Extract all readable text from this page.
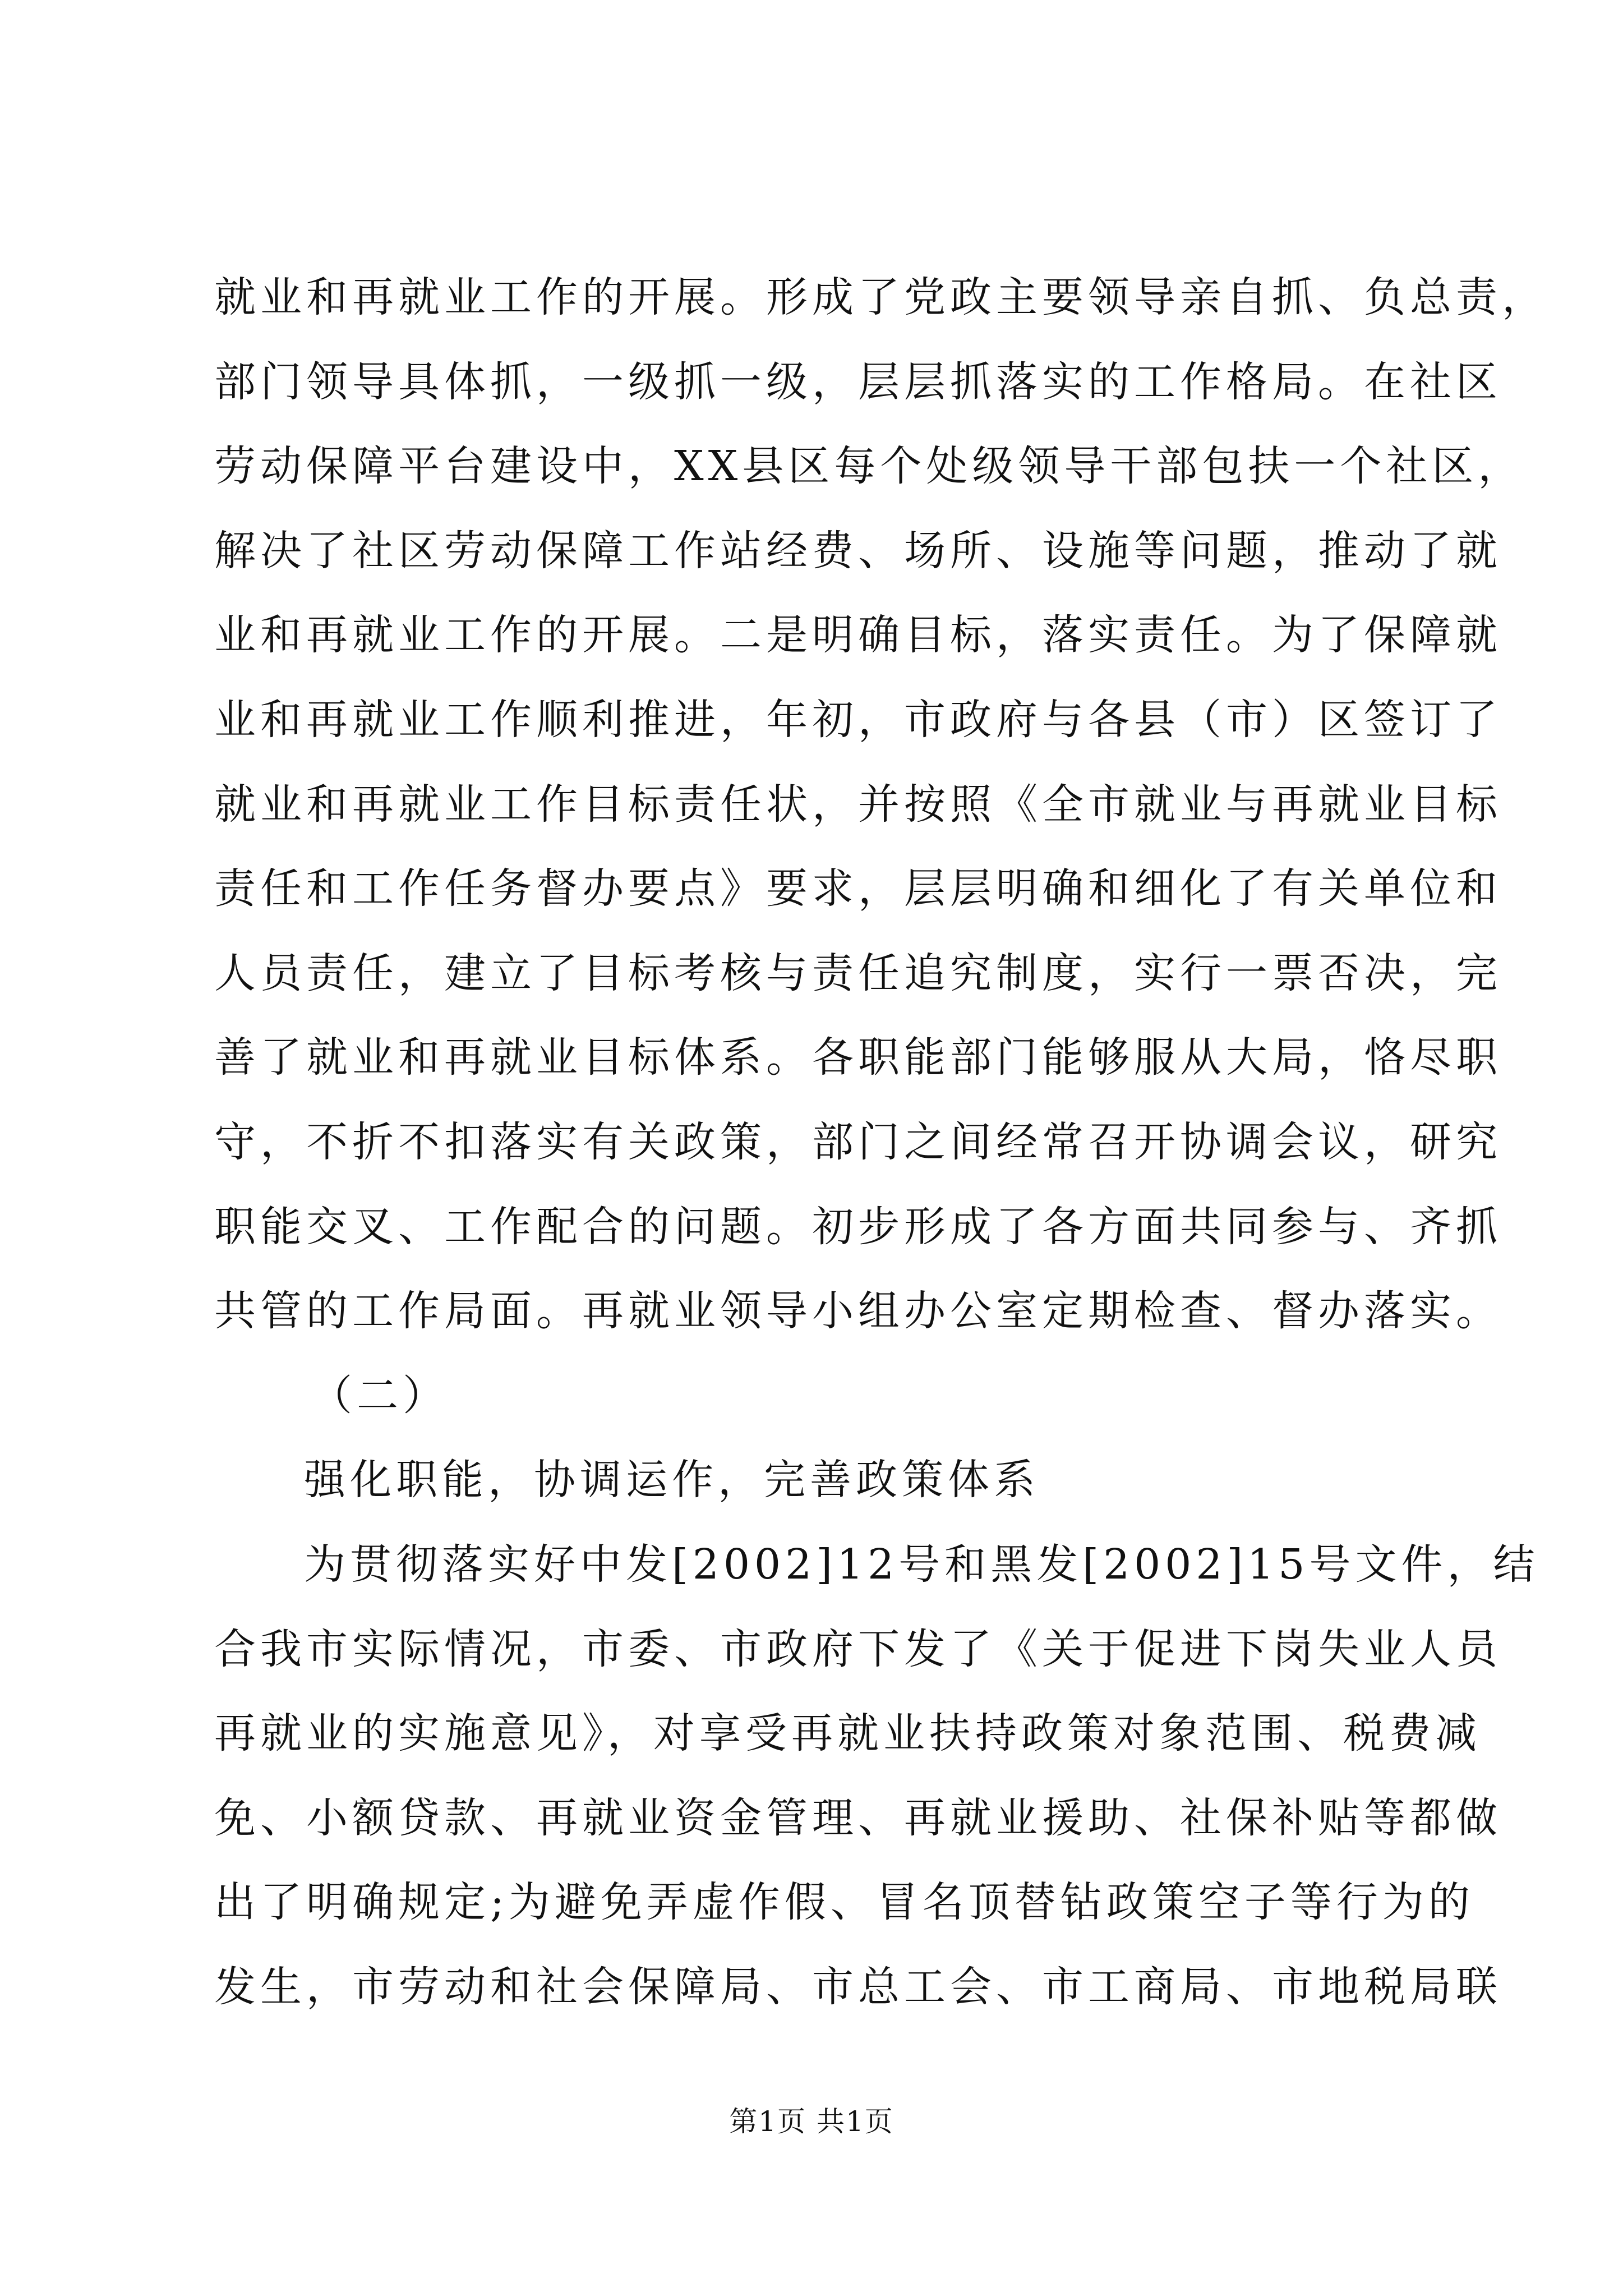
就业和再就业工作的开展。形成了党政主要领导亲自抓、负总责，
部门领导具体抓，一级抓一级，层层抓落实的工作格局。在社区
劳动保障平台建设中，XX县区每个处级领导干部包扶一个社区，
解决了社区劳动保障工作站经费、场所、设施等问题，推动了就
业和再就业工作的开展。二是明确目标，落实责任。为了保障就
业和再就业工作顺利推进，年初，市政府与各县（市）区签订了
就业和再就业工作目标责任状，并按照《全市就业与再就业目标
责任和工作任务督办要点》要求，层层明确和细化了有关单位和
人员责任，建立了目标考核与责任追究制度，实行一票否决，完
善了就业和再就业目标体系。各职能部门能够服从大局，恪尽职
守，不折不扣落实有关政策，部门之间经常召开协调会议，研究
职能交叉、工作配合的问题。初步形成了各方面共同参与、齐抓
共管的工作局面。再就业领导小组办公室定期检查、督办落实。
（二）
强化职能，协调运作，完善政策体系
为贯彻落实好中发[2002]12号和黑发[2002]15号文件，结
合我市实际情况，市委、市政府下发了《关于促进下岗失业人员
再就业的实施意见》，对享受再就业扶持政策对象范围、税费减
免、小额贷款、再就业资金管理、再就业援助、社保补贴等都做
出了明确规定;为避免弄虚作假、冒名顶替钻政策空子等行为的
发生，市劳动和社会保障局、市总工会、市工商局、市地税局联
第1页 共1页
